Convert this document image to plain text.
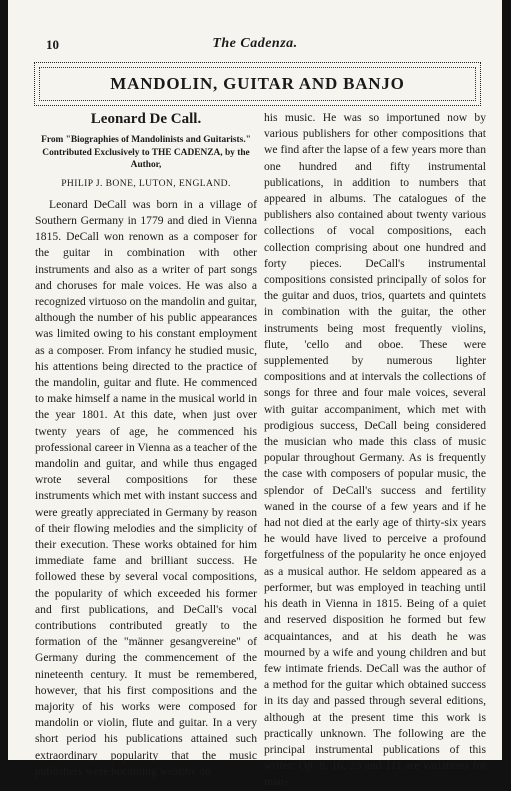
10	The Cadenza.
MANDOLIN, GUITAR AND BANJO
Leonard De Call.
From "Biographies of Mandolinists and Guitarists."
Contributed Exclusively to THE CADENZA, by the Author,
PHILIP J. BONE, LUTON, ENGLAND.

Leonard DeCall was born in a village of Southern Germany in 1779 and died in Vienna 1815. DeCall won renown as a composer for the guitar in combination with other instruments and also as a writer of part songs and choruses for male voices. He was also a recognized virtuoso on the mandolin and guitar, although the number of his public appearances was limited owing to his constant employment as a composer. From infancy he studied music, his attentions being directed to the practice of the mandolin, guitar and flute. He commenced to make himself a name in the musical world in the year 1801. At this date, when just over twenty years of age, he commenced his professional career in Vienna as a teacher of the mandolin and guitar, and while thus engaged wrote several compositions for these instruments which met with instant success and were greatly appreciated in Germany by reason of their flowing melodies and the simplicity of their execution. These works obtained for him immediate fame and brilliant success. He followed these by several vocal compositions, the popularity of which exceeded his former and first publications, and DeCall's vocal contributions contributed greatly to the formation of the "männer gesangvereine" of Germany during the commencement of the nineteenth century. It must be remembered, however, that his first compositions and the majority of his works were composed for mandolin or violin, flute and guitar. In a very short period his publications attained such extraordinary popularity that the music publishers were becoming wealthy on

his music. He was so importuned now by various publishers for other compositions that we find after the lapse of a few years more than one hundred and fifty instrumental publications, in addition to numbers that appeared in albums. The catalogues of the publishers also contained about twenty various collections of vocal compositions, each collection comprising about one hundred and forty pieces. DeCall's instrumental compositions consisted principally of solos for the guitar and duos, trios, quartets and quintets in combination with the guitar, the other instruments being most frequently violins, flute, 'cello and oboe. These were supplemented by numerous lighter compositions and at intervals the collections of songs for three and four male voices, several with guitar accompaniment, which met with prodigious success, DeCall being considered the musician who made this class of music popular throughout Germany. As is frequently the case with composers of popular music, the splendor of DeCall's success and fertility waned in the course of a few years and if he had not died at the early age of thirty-six years he would have lived to perceive a profound forgetfulness of the popularity he once enjoyed as a musical author. He seldom appeared as a performer, but was employed in teaching until his death in Vienna in 1815. Being of a quiet and reserved disposition he formed but few acquaintances, and at his death he was mourned by a wife and young children and but few intimate friends. DeCall was the author of a method for the guitar which obtained success in its day and passed through several editions, although at the present time this work is practically unknown. The following are the principal instrumental publications of this writer: Op. 8, 16, 25 and 111 are variations for man-
